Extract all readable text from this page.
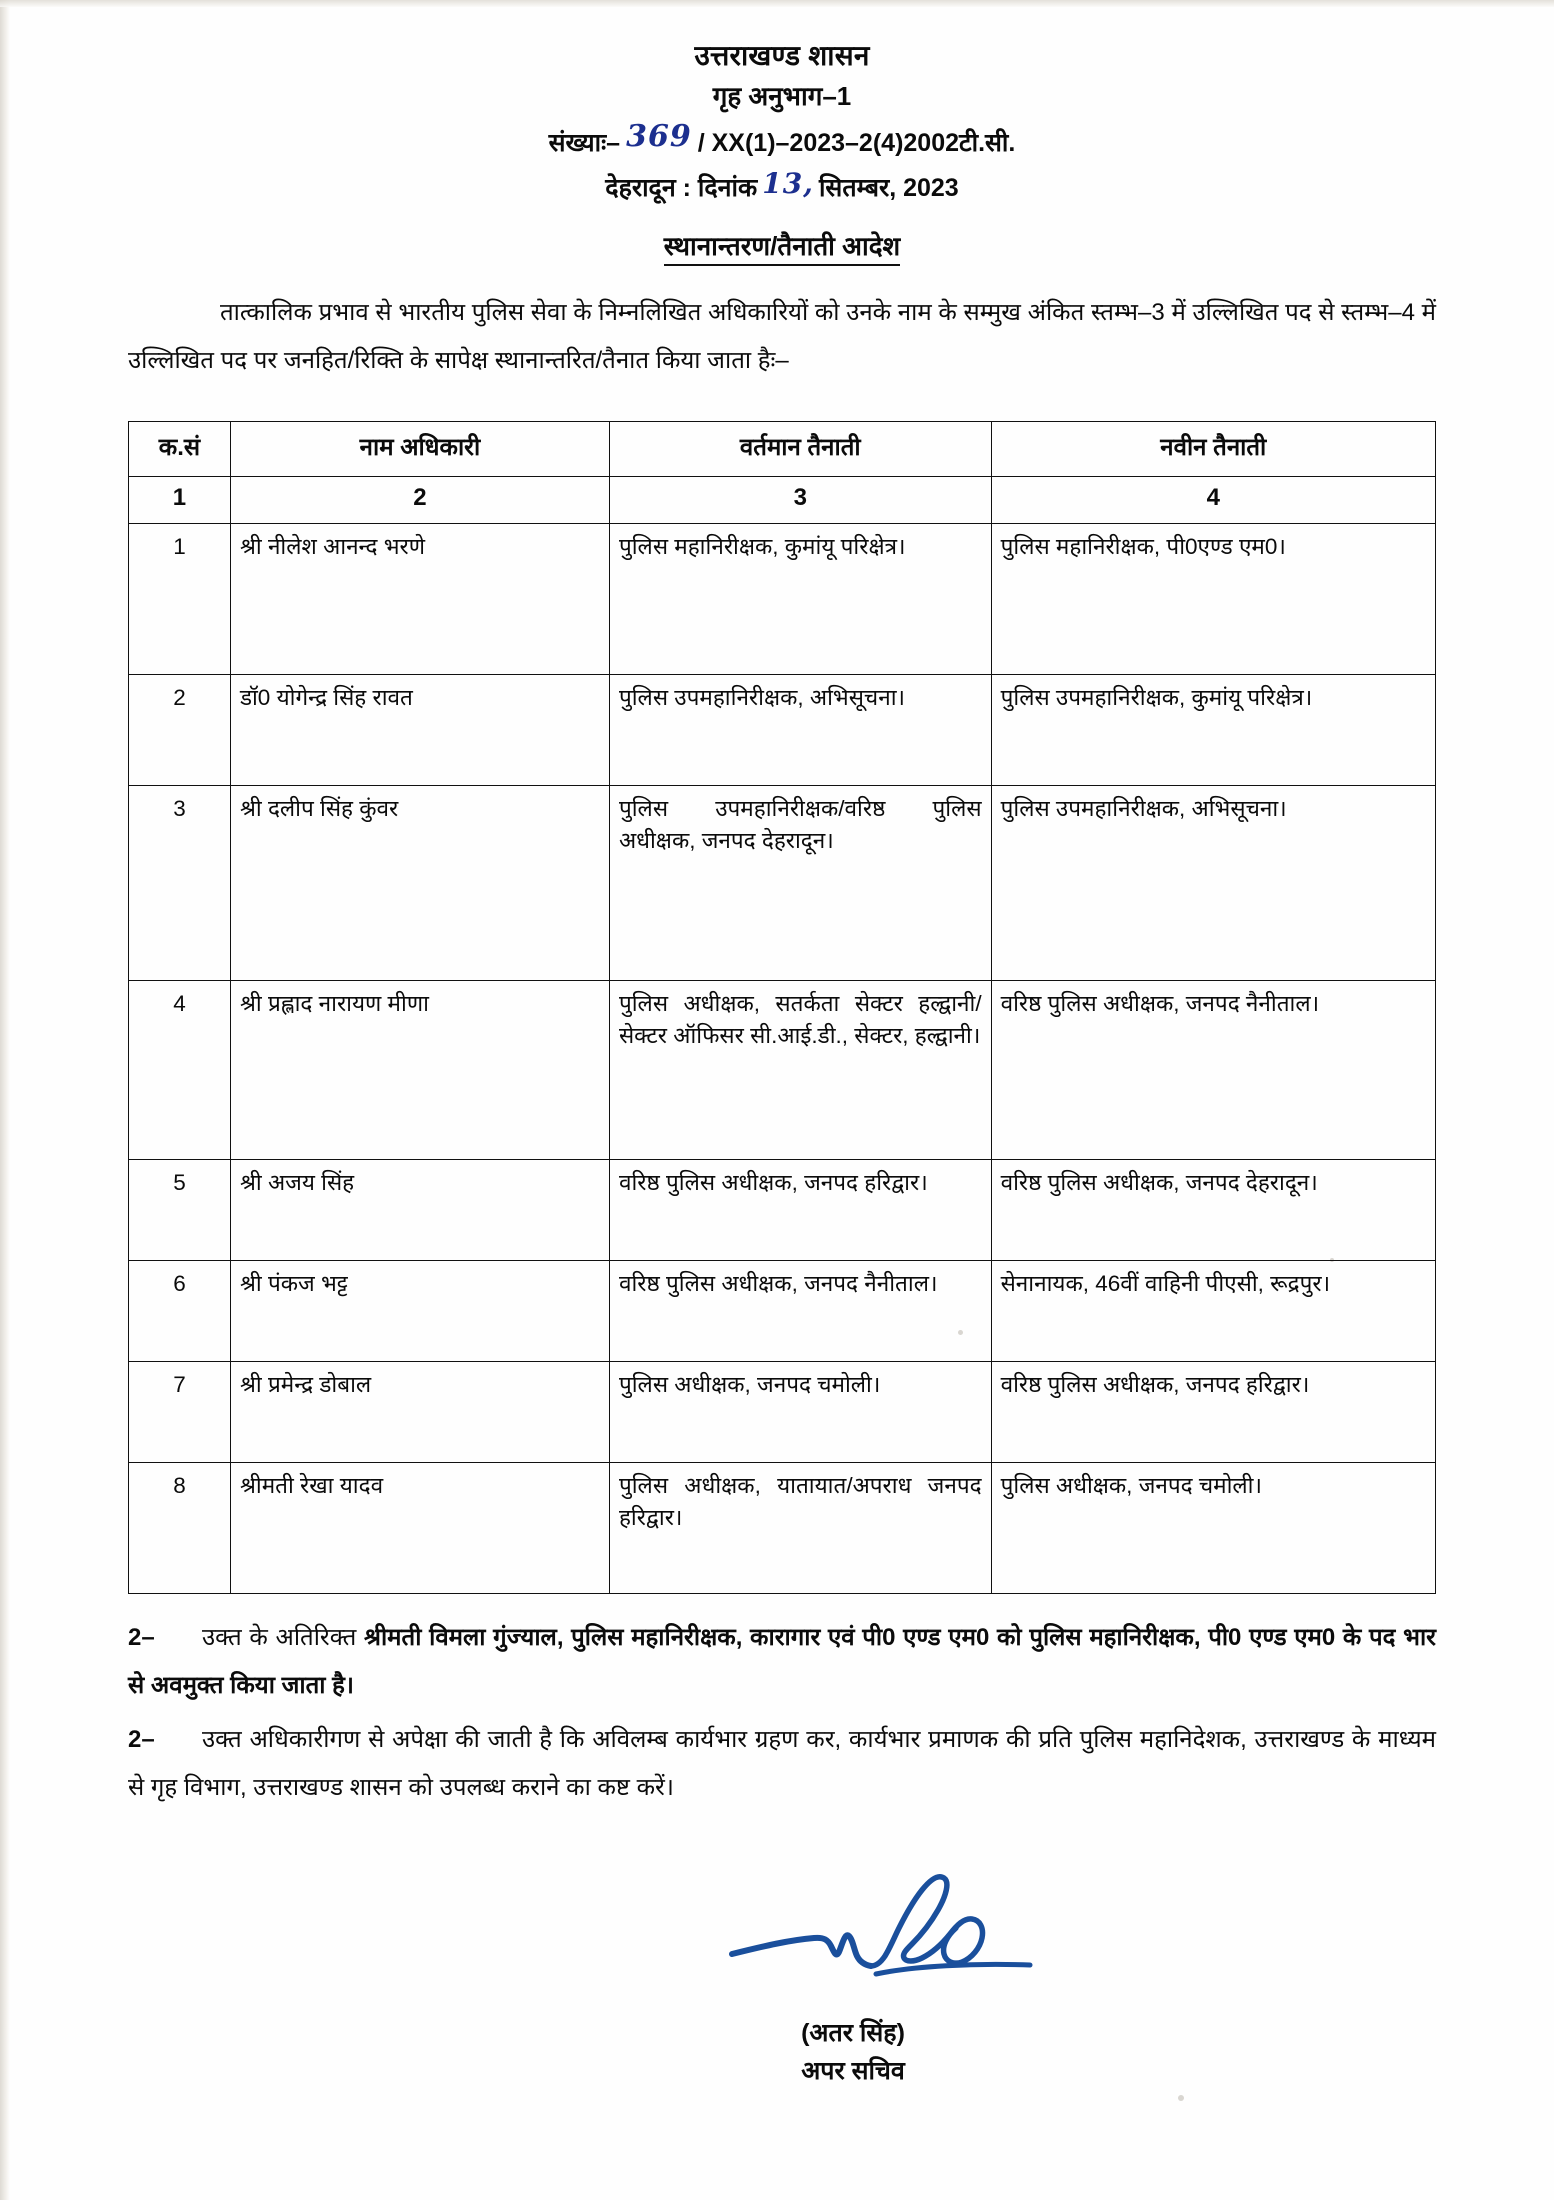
उत्तराखण्ड शासन
गृह अनुभाग–1
संख्याः– 369 / XX(1)–2023–2(4)2002टी.सी.
देहरादून : दिनांक 13, सितम्बर, 2023
स्थानान्तरण/तैनाती आदेश
तात्कालिक प्रभाव से भारतीय पुलिस सेवा के निम्नलिखित अधिकारियों को उनके नाम के सम्मुख अंकित स्तम्भ–3 में उल्लिखित पद से स्तम्भ–4 में उल्लिखित पद पर जनहित/रिक्ति के सापेक्ष स्थानान्तरित/तैनात किया जाता हैः–
क.सं	नाम अधिकारी	वर्तमान तैनाती	नवीन तैनाती
1	2	3	4
1	श्री नीलेश आनन्द भरणे	पुलिस महानिरीक्षक, कुमांयू परिक्षेत्र।	पुलिस महानिरीक्षक, पी0एण्ड एम0।
2	डॉ0 योगेन्द्र सिंह रावत	पुलिस उपमहानिरीक्षक, अभिसूचना।	पुलिस उपमहानिरीक्षक, कुमांयू परिक्षेत्र।
3	श्री दलीप सिंह कुंवर	पुलिस उपमहानिरीक्षक/वरिष्ठ पुलिस अधीक्षक, जनपद देहरादून।	पुलिस उपमहानिरीक्षक, अभिसूचना।
4	श्री प्रह्लाद नारायण मीणा	पुलिस अधीक्षक, सतर्कता सेक्टर हल्द्वानी/सेक्टर ऑफिसर सी.आई.डी., सेक्टर, हल्द्वानी।	वरिष्ठ पुलिस अधीक्षक, जनपद नैनीताल।
5	श्री अजय सिंह	वरिष्ठ पुलिस अधीक्षक, जनपद हरिद्वार।	वरिष्ठ पुलिस अधीक्षक, जनपद देहरादून।
6	श्री पंकज भट्ट	वरिष्ठ पुलिस अधीक्षक, जनपद नैनीताल।	सेनानायक, 46वीं वाहिनी पीएसी, रूद्रपुर।
7	श्री प्रमेन्द्र डोबाल	पुलिस अधीक्षक, जनपद चमोली।	वरिष्ठ पुलिस अधीक्षक, जनपद हरिद्वार।
8	श्रीमती रेखा यादव	पुलिस अधीक्षक, यातायात/अपराध जनपद हरिद्वार।	पुलिस अधीक्षक, जनपद चमोली।
2– उक्त के अतिरिक्त श्रीमती विमला गुंज्याल, पुलिस महानिरीक्षक, कारागार एवं पी0 एण्ड एम0 को पुलिस महानिरीक्षक, पी0 एण्ड एम0 के पद भार से अवमुक्त किया जाता है।
2– उक्त अधिकारीगण से अपेक्षा की जाती है कि अविलम्ब कार्यभार ग्रहण कर, कार्यभार प्रमाणक की प्रति पुलिस महानिदेशक, उत्तराखण्ड के माध्यम से गृह विभाग, उत्तराखण्ड शासन को उपलब्ध कराने का कष्ट करें।
(अतर सिंह)
अपर सचिव
